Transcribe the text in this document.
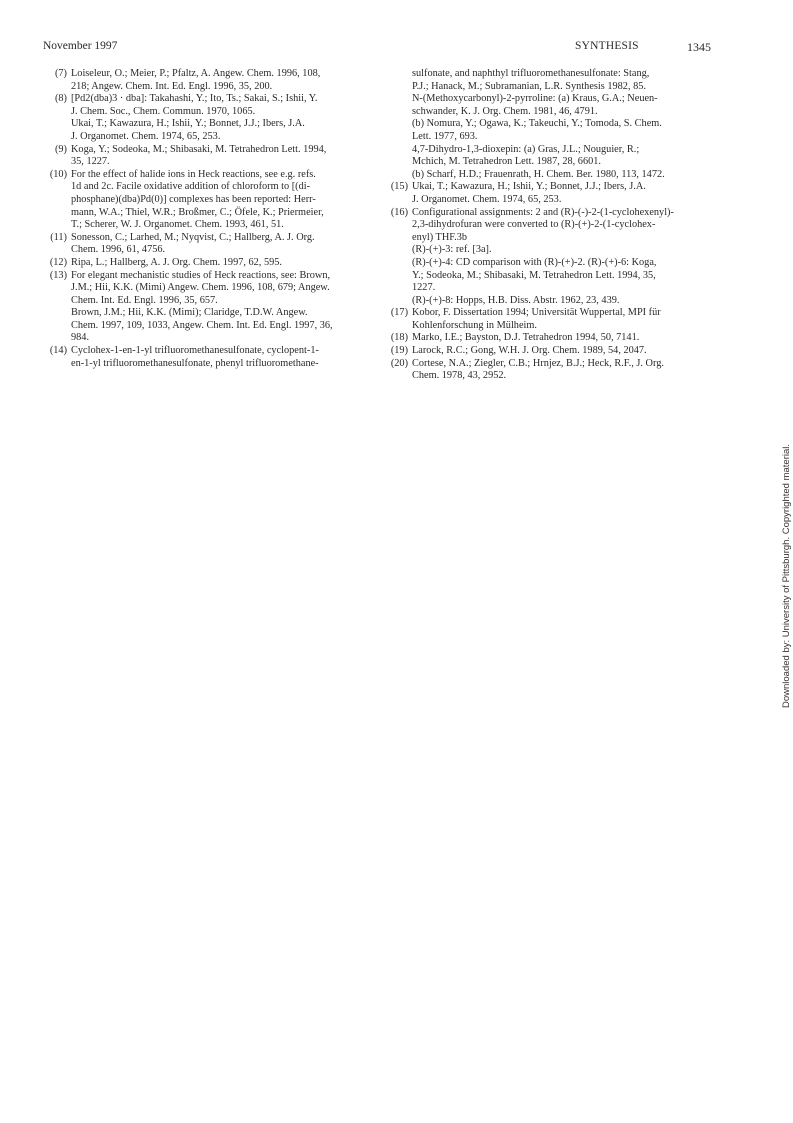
November 1997	SYNTHESIS	1345
(7) Loiseleur, O.; Meier, P.; Pfaltz, A. Angew. Chem. 1996, 108,
218; Angew. Chem. Int. Ed. Engl. 1996, 35, 200.
(8) [Pd2(dba)3 · dba]: Takahashi, Y.; Ito, Ts.; Sakai, S.; Ishii, Y.
J. Chem. Soc., Chem. Commun. 1970, 1065.
Ukai, T.; Kawazura, H.; Ishii, Y.; Bonnet, J.J.; Ibers, J.A.
J. Organomet. Chem. 1974, 65, 253.
(9) Koga, Y.; Sodeoka, M.; Shibasaki, M. Tetrahedron Lett. 1994,
35, 1227.
(10) For the effect of halide ions in Heck reactions, see e.g. refs.
1d and 2c. Facile oxidative addition of chloroform to [(di-
phosphane)(dba)Pd(0)] complexes has been reported: Herr-
mann, W.A.; Thiel, W.R.; Broßmer, C.; Öfele, K.; Priermeier,
T.; Scherer, W. J. Organomet. Chem. 1993, 461, 51.
(11) Sonesson, C.; Larhed, M.; Nyqvist, C.; Hallberg, A. J. Org.
Chem. 1996, 61, 4756.
(12) Ripa, L.; Hallberg, A. J. Org. Chem. 1997, 62, 595.
(13) For elegant mechanistic studies of Heck reactions, see: Brown,
J.M.; Hii, K.K. (Mimi) Angew. Chem. 1996, 108, 679; Angew.
Chem. Int. Ed. Engl. 1996, 35, 657.
Brown, J.M.; Hii, K.K. (Mimi); Claridge, T.D.W. Angew.
Chem. 1997, 109, 1033, Angew. Chem. Int. Ed. Engl. 1997, 36,
984.
(14) Cyclohex-1-en-1-yl trifluoromethanesulfonate, cyclopent-1-
en-1-yl trifluoromethanesulfonate, phenyl trifluoromethane-
sulfonate, and naphthyl trifluoromethanesulfonate: Stang,
P.J.; Hanack, M.; Subramanian, L.R. Synthesis 1982, 85.
N-(Methoxycarbonyl)-2-pyrroline: (a) Kraus, G.A.; Neuen-
schwander, K. J. Org. Chem. 1981, 46, 4791.
(b) Nomura, Y.; Ogawa, K.; Takeuchi, Y.; Tomoda, S. Chem.
Lett. 1977, 693.
4,7-Dihydro-1,3-dioxepin: (a) Gras, J.L.; Nouguier, R.;
Mchich, M. Tetrahedron Lett. 1987, 28, 6601.
(b) Scharf, H.D.; Frauenrath, H. Chem. Ber. 1980, 113, 1472.
(15) Ukai, T.; Kawazura, H.; Ishii, Y.; Bonnet, J.J.; Ibers, J.A.
J. Organomet. Chem. 1974, 65, 253.
(16) Configurational assignments: 2 and (R)-(-)-2-(1-cyclohexenyl)-
2,3-dihydrofuran were converted to (R)-(+)-2-(1-cyclohex-
enyl) THF.3b
(R)-(+)-3: ref. [3a].
(R)-(+)-4: CD comparison with (R)-(+)-2. (R)-(+)-6: Koga,
Y.; Sodeoka, M.; Shibasaki, M. Tetrahedron Lett. 1994, 35,
1227.
(R)-(+)-8: Hopps, H.B. Diss. Abstr. 1962, 23, 439.
(17) Kobor, F. Dissertation 1994; Universität Wuppertal, MPI für
Kohlenforschung in Mülheim.
(18) Marko, I.E.; Bayston, D.J. Tetrahedron 1994, 50, 7141.
(19) Larock, R.C.; Gong, W.H. J. Org. Chem. 1989, 54, 2047.
(20) Cortese, N.A.; Ziegler, C.B.; Hrnjez, B.J.; Heck, R.F., J. Org.
Chem. 1978, 43, 2952.
Downloaded by: University of Pittsburgh. Copyrighted material.
